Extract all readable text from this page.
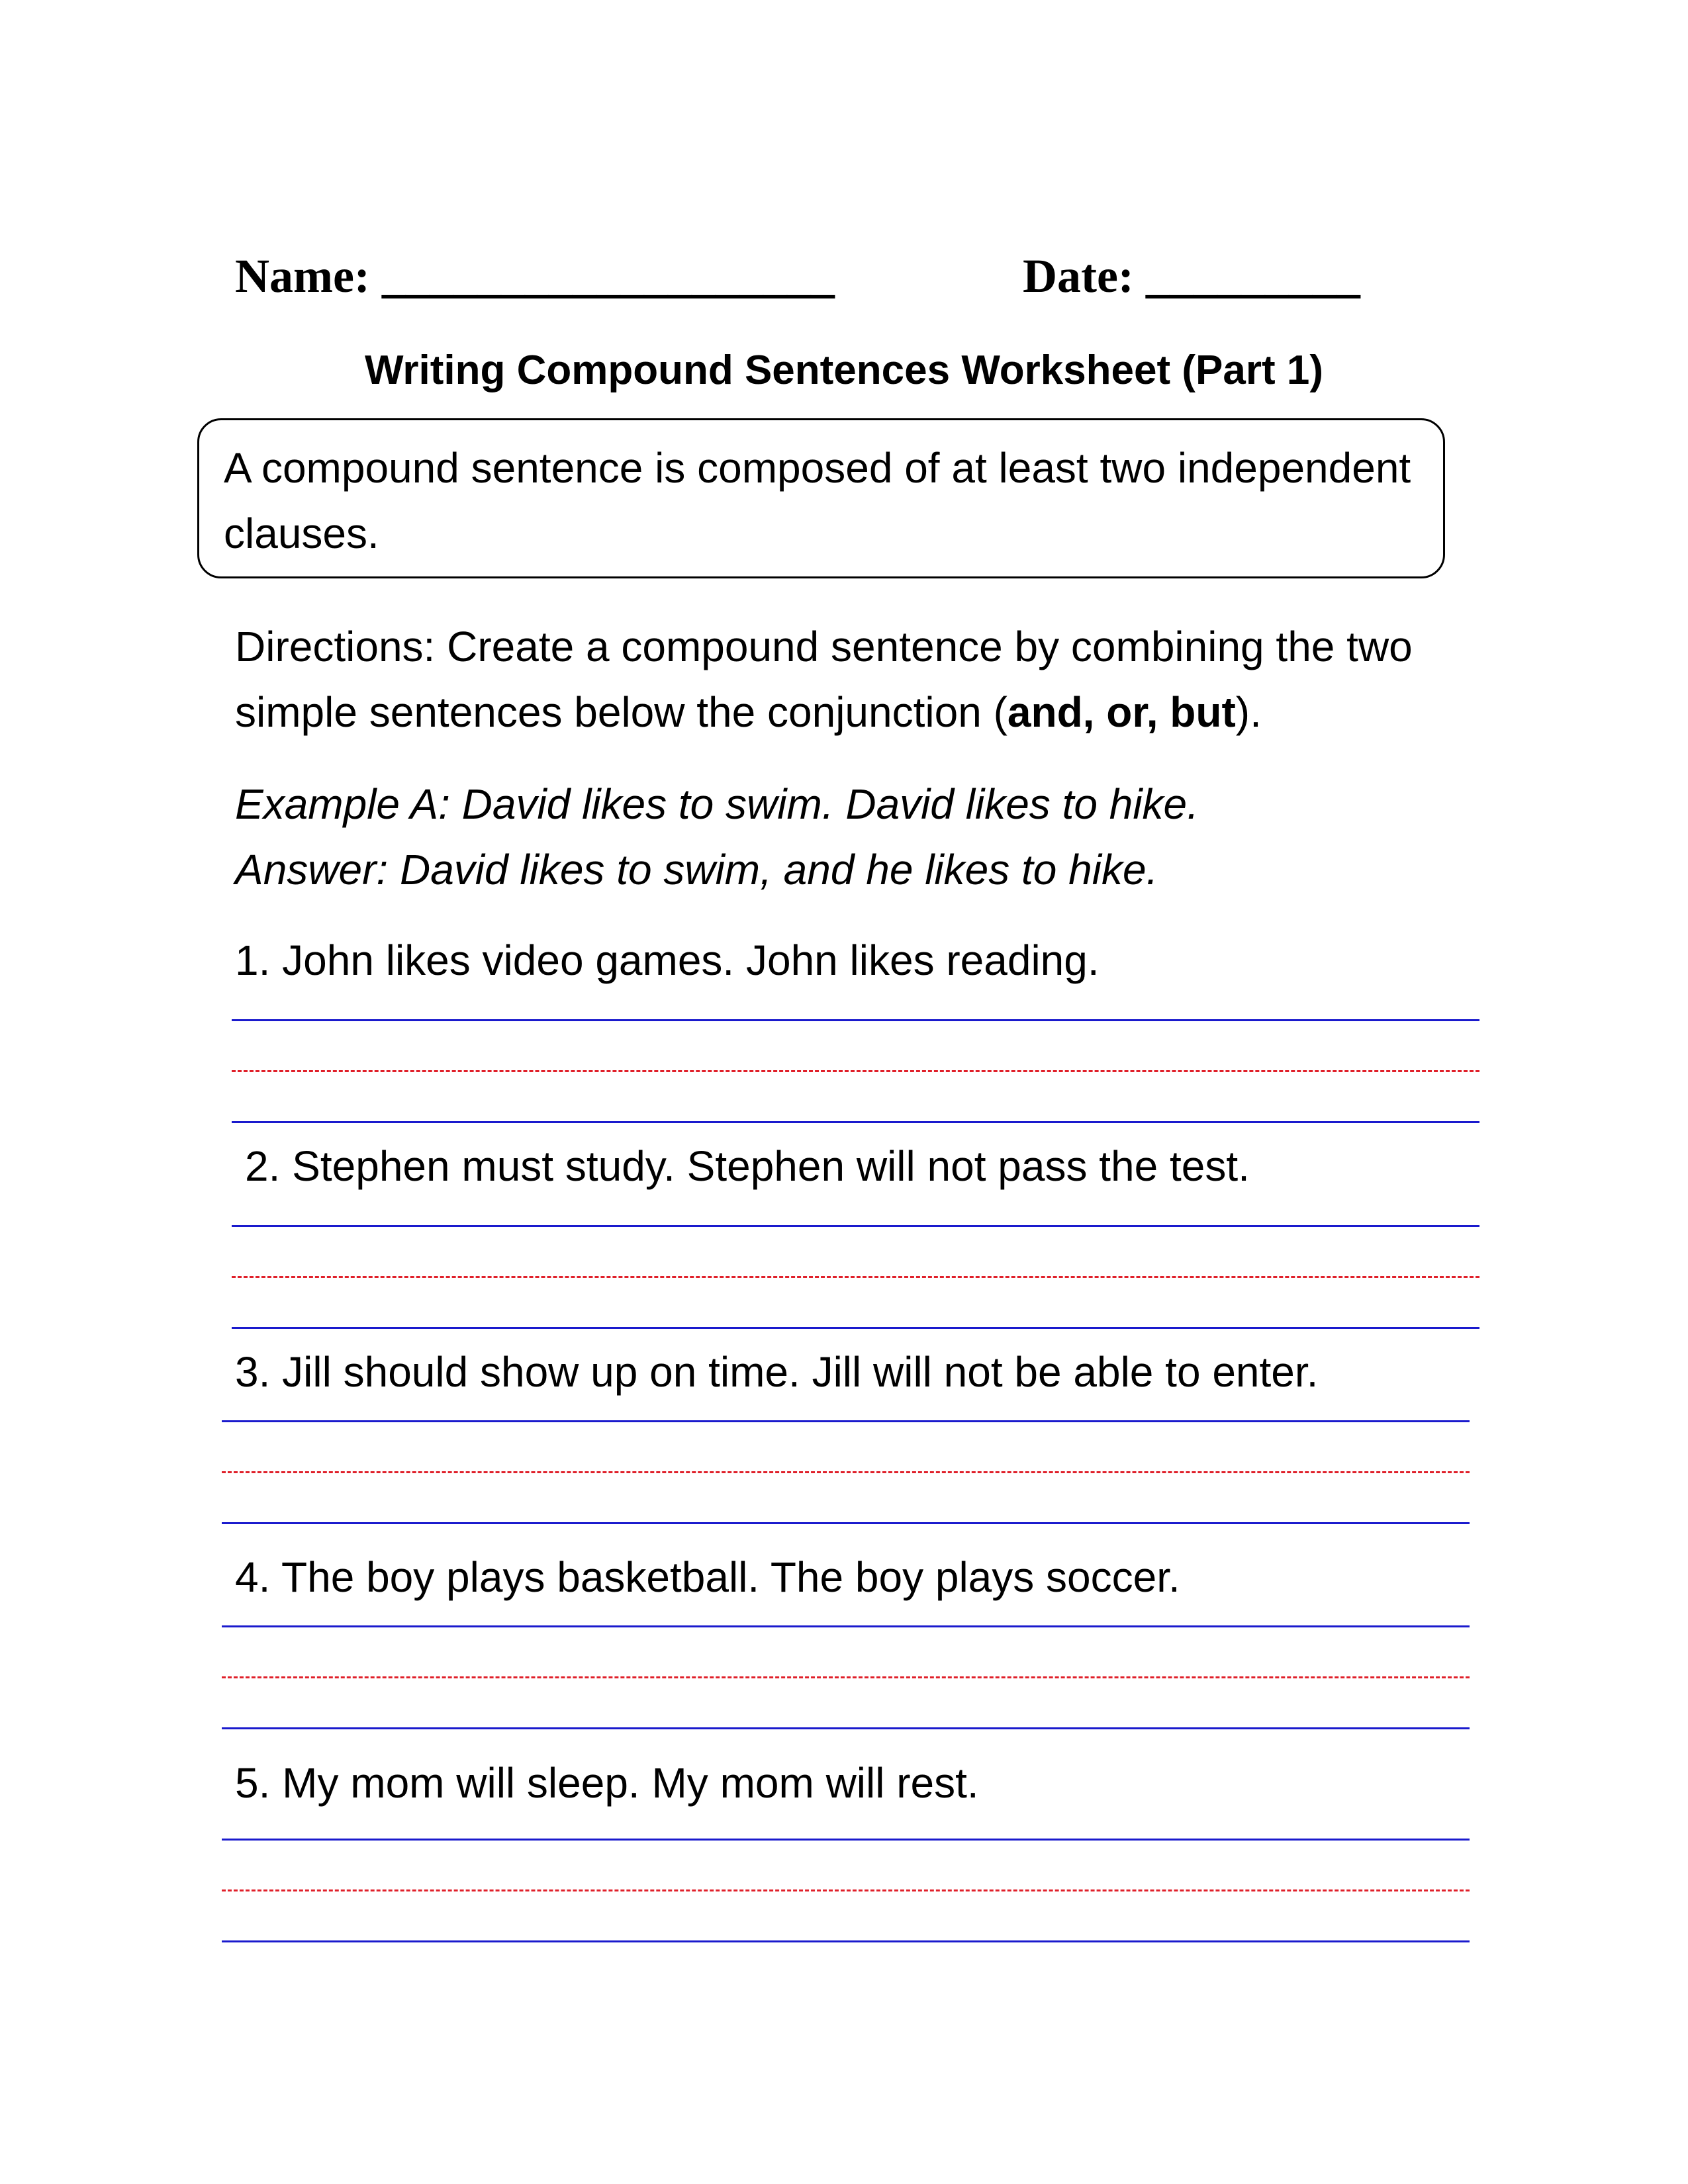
Name: ___________________	Date: _________
Writing Compound Sentences Worksheet (Part 1)
A compound sentence is composed of at least two independent clauses.
Directions: Create a compound sentence by combining the two simple sentences below the conjunction (and, or, but).
Example A: David likes to swim. David likes to hike.
Answer: David likes to swim, and he likes to hike.
1. John likes video games. John likes reading.
2. Stephen must study. Stephen will not pass the test.
3. Jill should show up on time. Jill will not be able to enter.
4. The boy plays basketball. The boy plays soccer.
5. My mom will sleep. My mom will rest.
